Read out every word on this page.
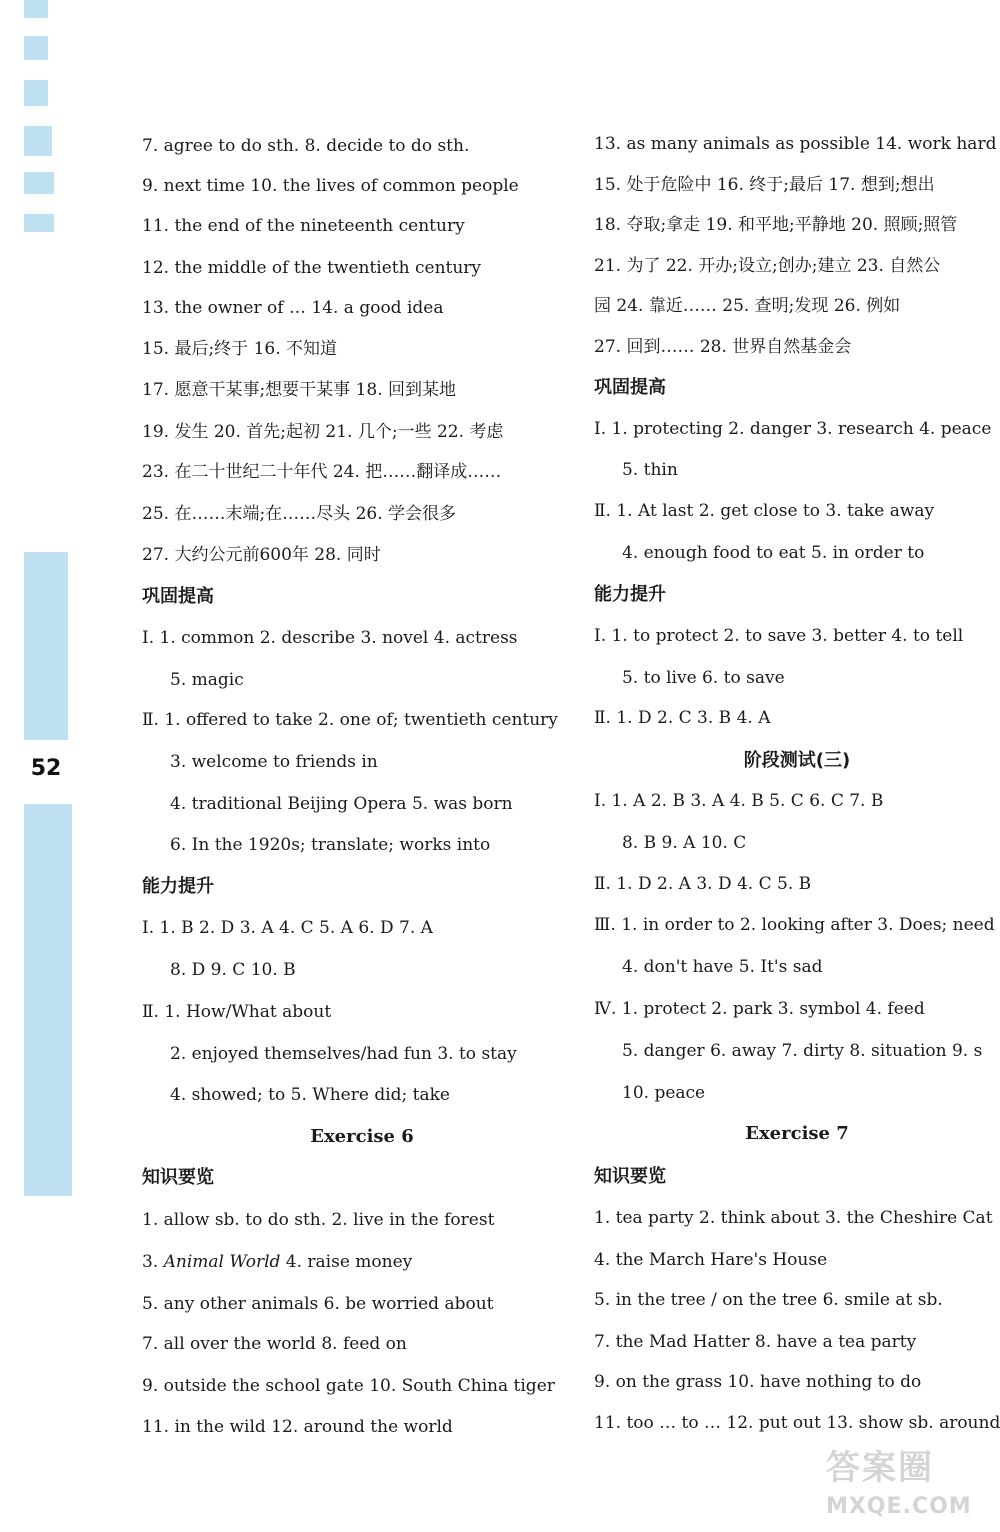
52
7. agree to do sth. 8. decide to do sth.
9. next time 10. the lives of common people
11. the end of the nineteenth century
12. the middle of the twentieth century
13. the owner of … 14. a good idea
15. 最后;终于 16. 不知道
17. 愿意干某事;想要干某事 18. 回到某地
19. 发生 20. 首先;起初 21. 几个;一些 22. 考虑
23. 在二十世纪二十年代 24. 把……翻译成……
25. 在……末端;在……尽头 26. 学会很多
27. 大约公元前600年 28. 同时
巩固提高
Ⅰ. 1. common 2. describe 3. novel 4. actress
5. magic
Ⅱ. 1. offered to take 2. one of; twentieth century
3. welcome to friends in
4. traditional Beijing Opera 5. was born
6. In the 1920s; translate; works into
能力提升
Ⅰ. 1. B 2. D 3. A 4. C 5. A 6. D 7. A
8. D 9. C 10. B
Ⅱ. 1. How/What about
2. enjoyed themselves/had fun 3. to stay
4. showed; to 5. Where did; take
Exercise 6
知识要览
1. allow sb. to do sth. 2. live in the forest
3. Animal World 4. raise money
5. any other animals 6. be worried about
7. all over the world 8. feed on
9. outside the school gate 10. South China tiger
11. in the wild 12. around the world
13. as many animals as possible 14. work hard
15. 处于危险中 16. 终于;最后 17. 想到;想出
18. 夺取;拿走 19. 和平地;平静地 20. 照顾;照管
21. 为了 22. 开办;设立;创办;建立 23. 自然公
园 24. 靠近…… 25. 查明;发现 26. 例如
27. 回到…… 28. 世界自然基金会
巩固提高
Ⅰ. 1. protecting 2. danger 3. research 4. peace
5. thin
Ⅱ. 1. At last 2. get close to 3. take away
4. enough food to eat 5. in order to
能力提升
Ⅰ. 1. to protect 2. to save 3. better 4. to tell
5. to live 6. to save
Ⅱ. 1. D 2. C 3. B 4. A
阶段测试(三)
Ⅰ. 1. A 2. B 3. A 4. B 5. C 6. C 7. B
8. B 9. A 10. C
Ⅱ. 1. D 2. A 3. D 4. C 5. B
Ⅲ. 1. in order to 2. looking after 3. Does; need
4. don't have 5. It's sad
Ⅳ. 1. protect 2. park 3. symbol 4. feed
5. danger 6. away 7. dirty 8. situation 9. s
10. peace
Exercise 7
知识要览
1. tea party 2. think about 3. the Cheshire Cat
4. the March Hare's House
5. in the tree / on the tree 6. smile at sb.
7. the Mad Hatter 8. have a tea party
9. on the grass 10. have nothing to do
11. too … to … 12. put out 13. show sb. around
答案圈
MXQE.COM
